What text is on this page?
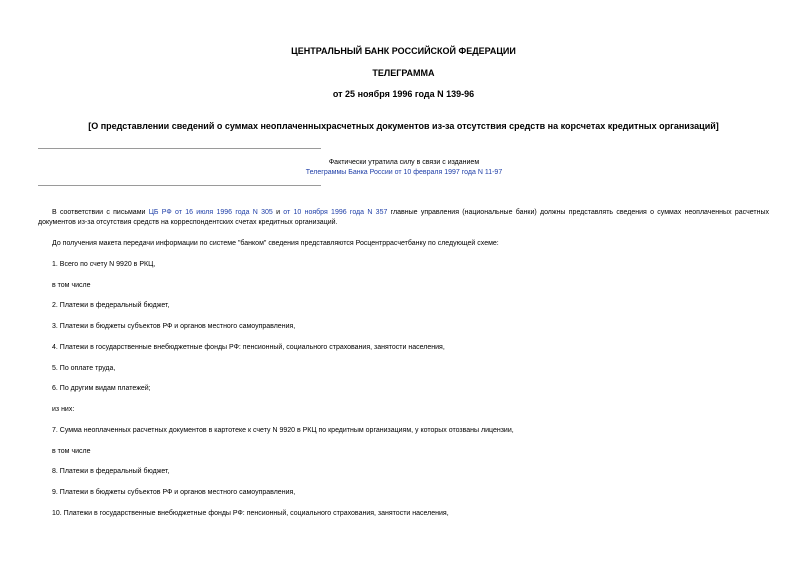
ЦЕНТРАЛЬНЫЙ БАНК РОССИЙСКОЙ ФЕДЕРАЦИИ
ТЕЛЕГРАММА
от 25 ноября 1996 года N 139-96
[О представлении сведений о суммах неоплаченныхрасчетных документов из-за отсутствия средств на корсчетах кредитных организаций]
Фактически утратила силу в связи с изданием
Телеграммы Банка России от 10 февраля 1997 года N 11-97
В соответствии с письмами ЦБ РФ от 16 июля 1996 года N 305 и от 10 ноября 1996 года N 357 главные управления (национальные банки) должны представлять сведения о суммах неоплаченных расчетных
документов из-за отсутствия средств на корреспондентских счетах кредитных организаций.
До получения макета передачи информации по системе "банком" сведения представляются Росцентррасчетбанку по следующей схеме:
1. Всего по счету N 9920 в РКЦ,
в том числе
2. Платежи в федеральный бюджет,
3. Платежи в бюджеты субъектов РФ и органов местного самоуправления,
4. Платежи в государственные внебюджетные фонды РФ: пенсионный, социального страхования, занятости населения,
5. По оплате труда,
6. По другим видам платежей;
из них:
7. Сумма неоплаченных расчетных документов в картотеке к счету N 9920 в РКЦ по кредитным организациям, у которых отозваны лицензии,
в том числе
8. Платежи в федеральный бюджет,
9. Платежи в бюджеты субъектов РФ и органов местного самоуправления,
10. Платежи в государственные внебюджетные фонды РФ: пенсионный, социального страхования, занятости населения,
